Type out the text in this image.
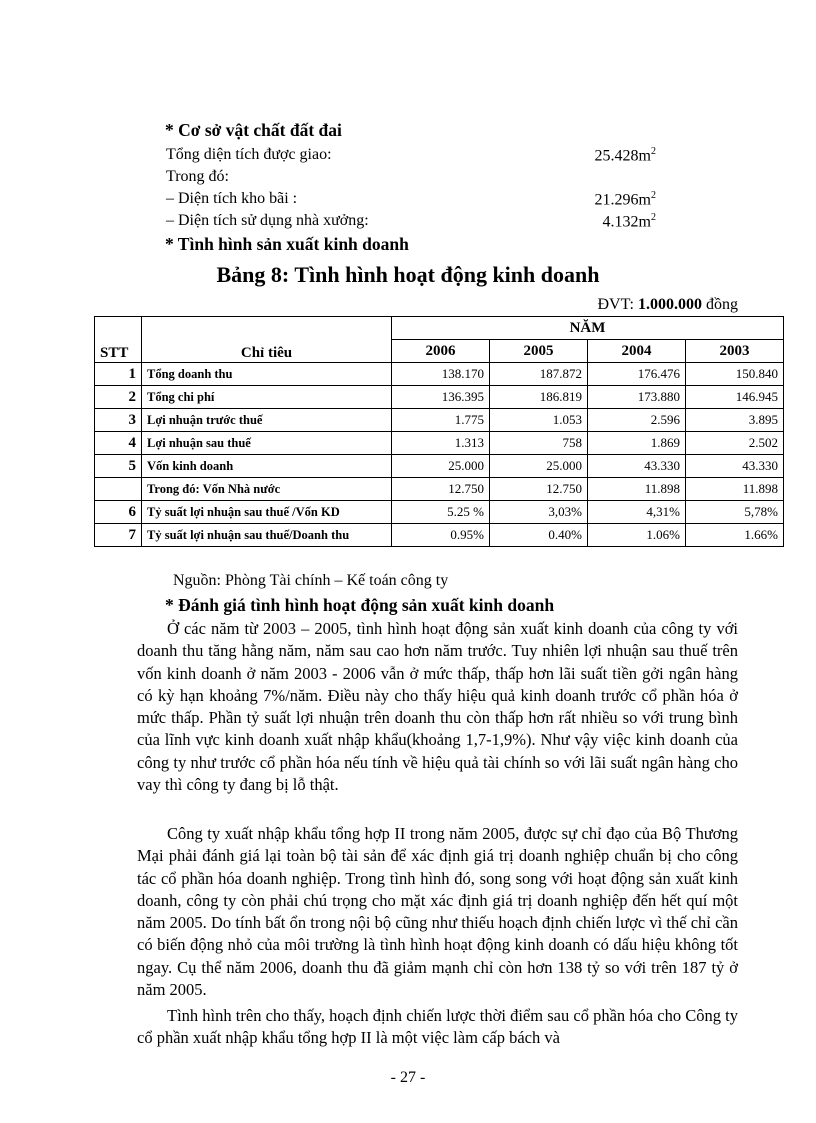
* Cơ sở vật chất đất đai
Tổng diện tích được giao:	$25.428m^2$
Trong đó:
– Diện tích kho bãi :	$21.296m^2$
– Diện tích sử dụng nhà xưởng:	$4.132m^2$
* Tình hình sản xuất kinh doanh
Bảng 8: Tình hình hoạt động kinh doanh
ĐVT: 1.000.000 đồng
STT	Chỉ tiêu	NĂM			
		2006	2005	2004	2003
1	Tổng doanh thu	138.170	187.872	176.476	150.840
2	Tổng chi phí	136.395	186.819	173.880	146.945
3	Lợi nhuận trước thuế	1.775	1.053	2.596	3.895
4	Lợi nhuận sau thuế	1.313	758	1.869	2.502
5	Vốn kinh doanh	25.000	25.000	43.330	43.330
	Trong đó: Vốn Nhà nước	12.750	12.750	11.898	11.898
6	Tỷ suất lợi nhuận sau thuế /Vốn KD	5.25 %	3,03%	4,31%	5,78%
7	Tỷ suất lợi nhuận sau thuế/Doanh thu	0.95%	0.40%	1.06%	1.66%
Nguồn: Phòng Tài chính – Kế toán công ty
* Đánh giá tình hình hoạt động sản xuất kinh doanh

Ở các năm từ 2003 – 2005, tình hình hoạt động sản xuất kinh doanh của công ty với doanh thu tăng hằng năm, năm sau cao hơn năm trước. Tuy nhiên lợi nhuận sau thuế trên vốn kinh doanh ở năm 2003 - 2006 vẫn ở mức thấp, thấp hơn lãi suất tiền gởi ngân hàng có kỳ hạn khoảng 7%/năm. Điều này cho thấy hiệu quả kinh doanh trước cổ phần hóa ở mức thấp. Phần tỷ suất lợi nhuận trên doanh thu còn thấp hơn rất nhiều so với trung bình của lĩnh vực kinh doanh xuất nhập khẩu(khoảng 1,7-1,9%). Như vậy việc kinh doanh của công ty như trước cổ phần hóa nếu tính về hiệu quả tài chính so với lãi suất ngân hàng cho vay thì công ty đang bị lỗ thật.

Công ty xuất nhập khẩu tổng hợp II trong năm 2005, được sự chỉ đạo của Bộ Thương Mại phải đánh giá lại toàn bộ tài sản để xác định giá trị doanh nghiệp chuẩn bị cho công tác cổ phần hóa doanh nghiệp. Trong tình hình đó, song song với hoạt động sản xuất kinh doanh, công ty còn phải chú trọng cho mặt xác định giá trị doanh nghiệp đến hết quí một năm 2005. Do tính bất ổn trong nội bộ cũng như thiếu hoạch định chiến lược vì thế chỉ cần có biến động nhỏ của môi trường là tình hình hoạt động kinh doanh có dấu hiệu không tốt ngay. Cụ thể năm 2006, doanh thu đã giảm mạnh chỉ còn hơn 138 tỷ so với trên 187 tỷ ở năm 2005.

Tình hình trên cho thấy, hoạch định chiến lược thời điểm sau cổ phần hóa cho Công ty cổ phần xuất nhập khẩu tổng hợp II là một việc làm cấp bách và

- 27 -
